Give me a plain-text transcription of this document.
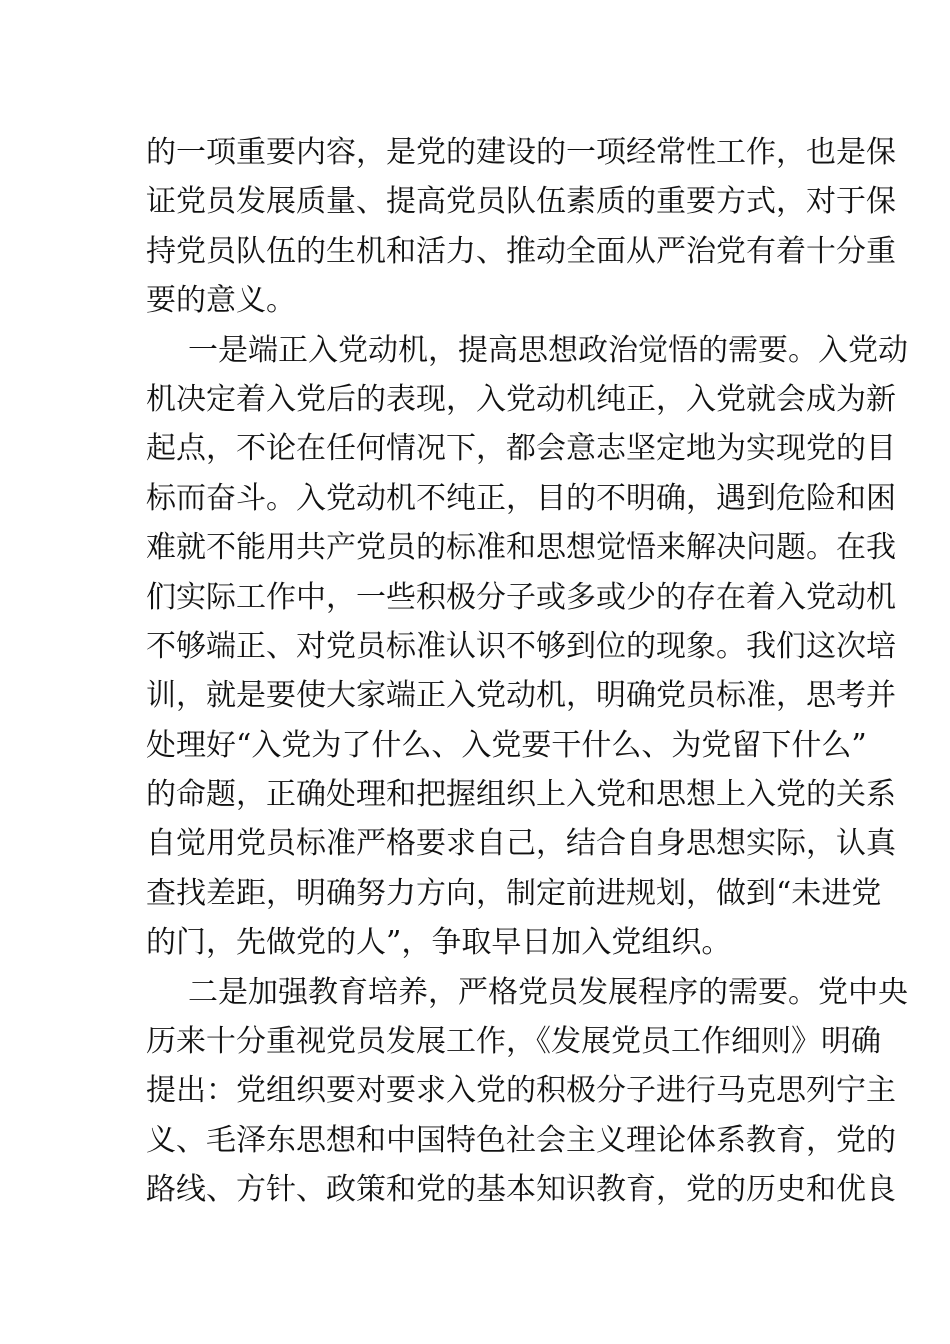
的一项重要内容，是党的建设的一项经常性工作，也是保
证党员发展质量、提高党员队伍素质的重要方式，对于保
持党员队伍的生机和活力、推动全面从严治党有着十分重
要的意义。
一是端正入党动机，提高思想政治觉悟的需要。入党动
机决定着入党后的表现，入党动机纯正，入党就会成为新
起点，不论在任何情况下，都会意志坚定地为实现党的目
标而奋斗。入党动机不纯正，目的不明确，遇到危险和困
难就不能用共产党员的标准和思想觉悟来解决问题。在我
们实际工作中，一些积极分子或多或少的存在着入党动机
不够端正、对党员标准认识不够到位的现象。我们这次培
训，就是要使大家端正入党动机，明确党员标准，思考并
处理好“入党为了什么、入党要干什么、为党留下什么”
的命题，正确处理和把握组织上入党和思想上入党的关系
自觉用党员标准严格要求自己，结合自身思想实际，认真
查找差距，明确努力方向，制定前进规划，做到“未进党
的门，先做党的人”，争取早日加入党组织。
二是加强教育培养，严格党员发展程序的需要。党中央
历来十分重视党员发展工作，《发展党员工作细则》明确
提出：党组织要对要求入党的积极分子进行马克思列宁主
义、毛泽东思想和中国特色社会主义理论体系教育，党的
路线、方针、政策和党的基本知识教育，党的历史和优良
